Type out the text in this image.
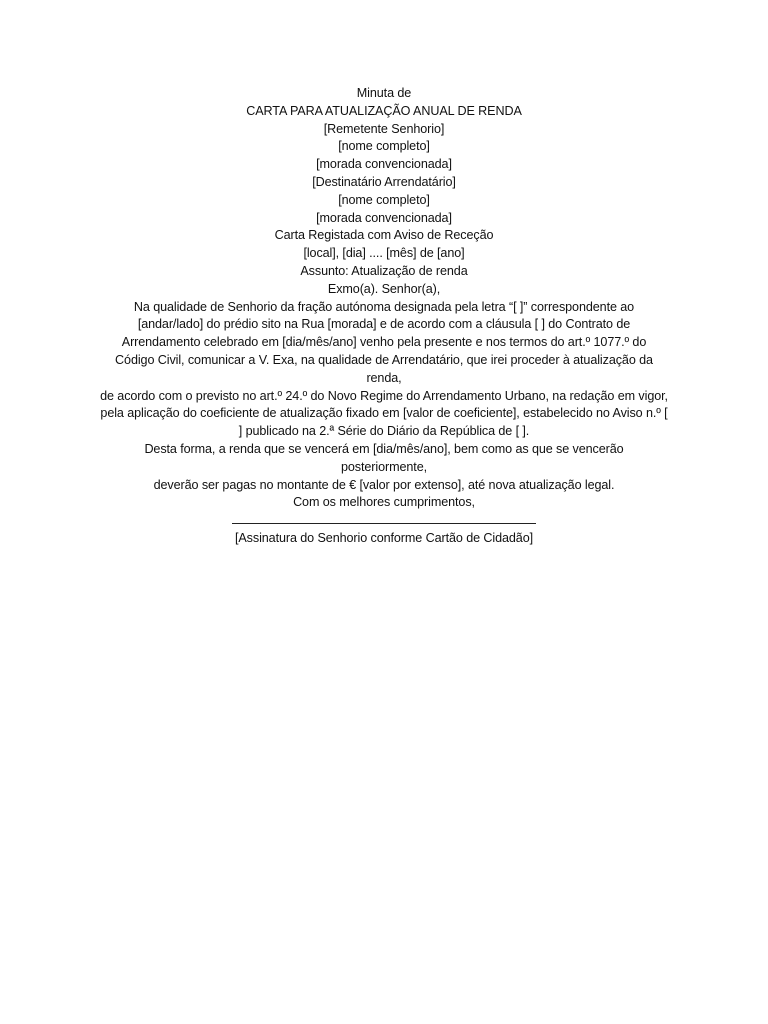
Minuta de
CARTA PARA ATUALIZAÇÃO ANUAL DE RENDA
[Remetente Senhorio]
[nome completo]
[morada convencionada]
[Destinatário Arrendatário]
[nome completo]
[morada convencionada]
Carta Registada com Aviso de Receção
[local], [dia] .... [mês] de [ano]
Assunto: Atualização de renda
Exmo(a). Senhor(a),
Na qualidade de Senhorio da fração autónoma designada pela letra “[ ]” correspondente ao
[andar/lado] do prédio sito na Rua [morada] e de acordo com a cláusula [ ] do Contrato de
Arrendamento celebrado em [dia/mês/ano] venho pela presente e nos termos do art.º 1077.º do
Código Civil, comunicar a V. Exa, na qualidade de Arrendatário, que irei proceder à atualização da renda,
de acordo com o previsto no art.º 24.º do Novo Regime do Arrendamento Urbano, na redação em vigor,
pela aplicação do coeficiente de atualização fixado em [valor de coeficiente], estabelecido no Aviso n.º [
] publicado na 2.ª Série do Diário da República de [ ].
Desta forma, a renda que se vencerá em [dia/mês/ano], bem como as que se vencerão posteriormente,
deverão ser pagas no montante de € [valor por extenso], até nova atualização legal.
Com os melhores cumprimentos,
[Assinatura do Senhorio conforme Cartão de Cidadão]
